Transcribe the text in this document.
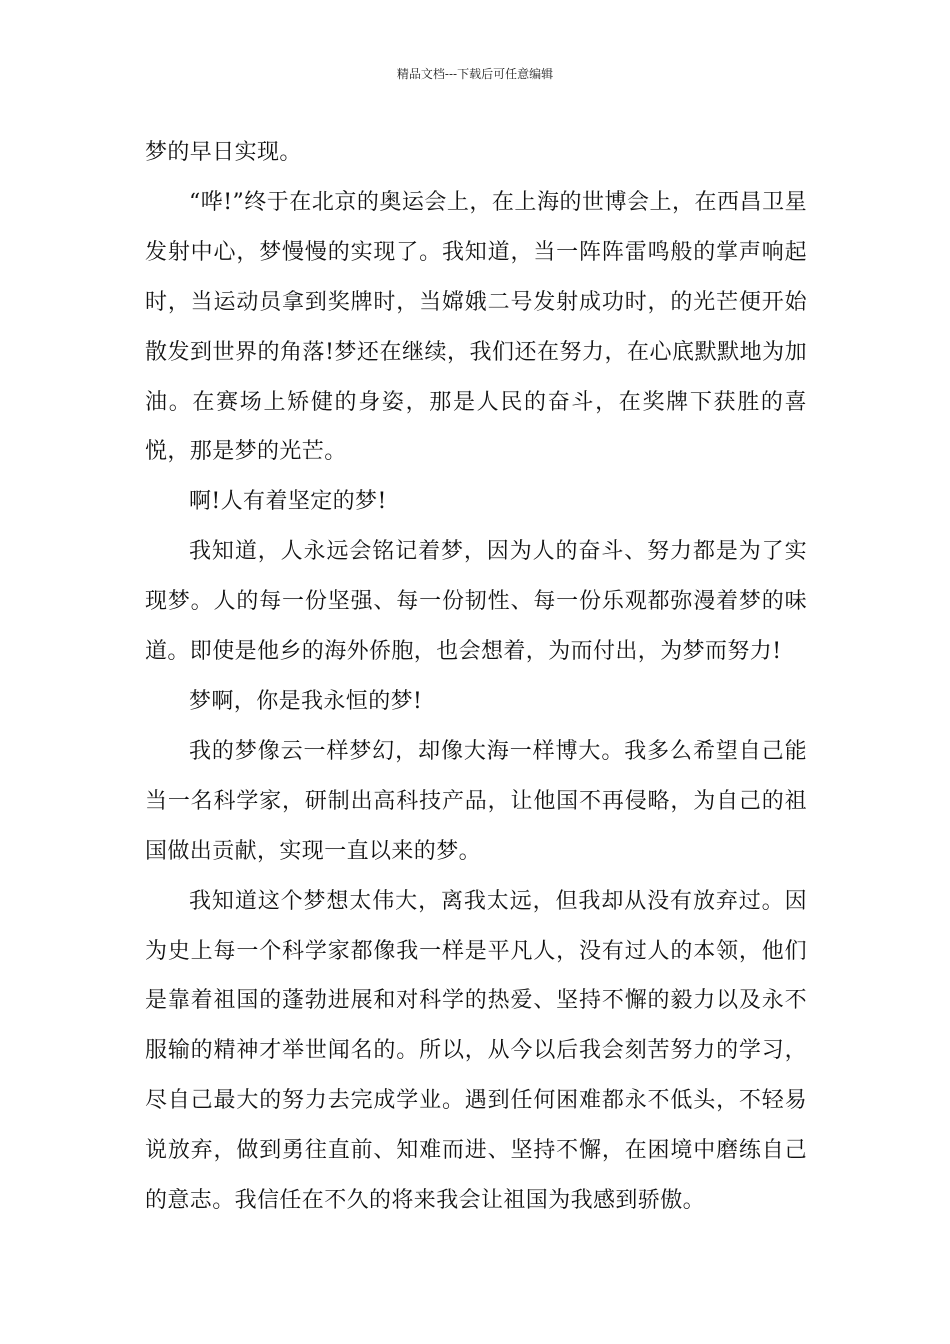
精品文档---下载后可任意编辑

梦的早日实现。

“哗!”终于在北京的奥运会上，在上海的世博会上，在西昌卫星发射中心，梦慢慢的实现了。我知道，当一阵阵雷鸣般的掌声响起时，当运动员拿到奖牌时，当嫦娥二号发射成功时，的光芒便开始散发到世界的角落!梦还在继续，我们还在努力，在心底默默地为加油。在赛场上矫健的身姿，那是人民的奋斗，在奖牌下获胜的喜悦，那是梦的光芒。

啊!人有着坚定的梦!

我知道，人永远会铭记着梦，因为人的奋斗、努力都是为了实现梦。人的每一份坚强、每一份韧性、每一份乐观都弥漫着梦的味道。即使是他乡的海外侨胞，也会想着，为而付出，为梦而努力!

梦啊，你是我永恒的梦!

我的梦像云一样梦幻，却像大海一样博大。我多么希望自己能当一名科学家，研制出高科技产品，让他国不再侵略，为自己的祖国做出贡献，实现一直以来的梦。

我知道这个梦想太伟大，离我太远，但我却从没有放弃过。因为史上每一个科学家都像我一样是平凡人，没有过人的本领，他们是靠着祖国的蓬勃进展和对科学的热爱、坚持不懈的毅力以及永不服输的精神才举世闻名的。所以，从今以后我会刻苦努力的学习，尽自己最大的努力去完成学业。遇到任何困难都永不低头，不轻易说放弃，做到勇往直前、知难而进、坚持不懈，在困境中磨练自己的意志。我信任在不久的将来我会让祖国为我感到骄傲。
